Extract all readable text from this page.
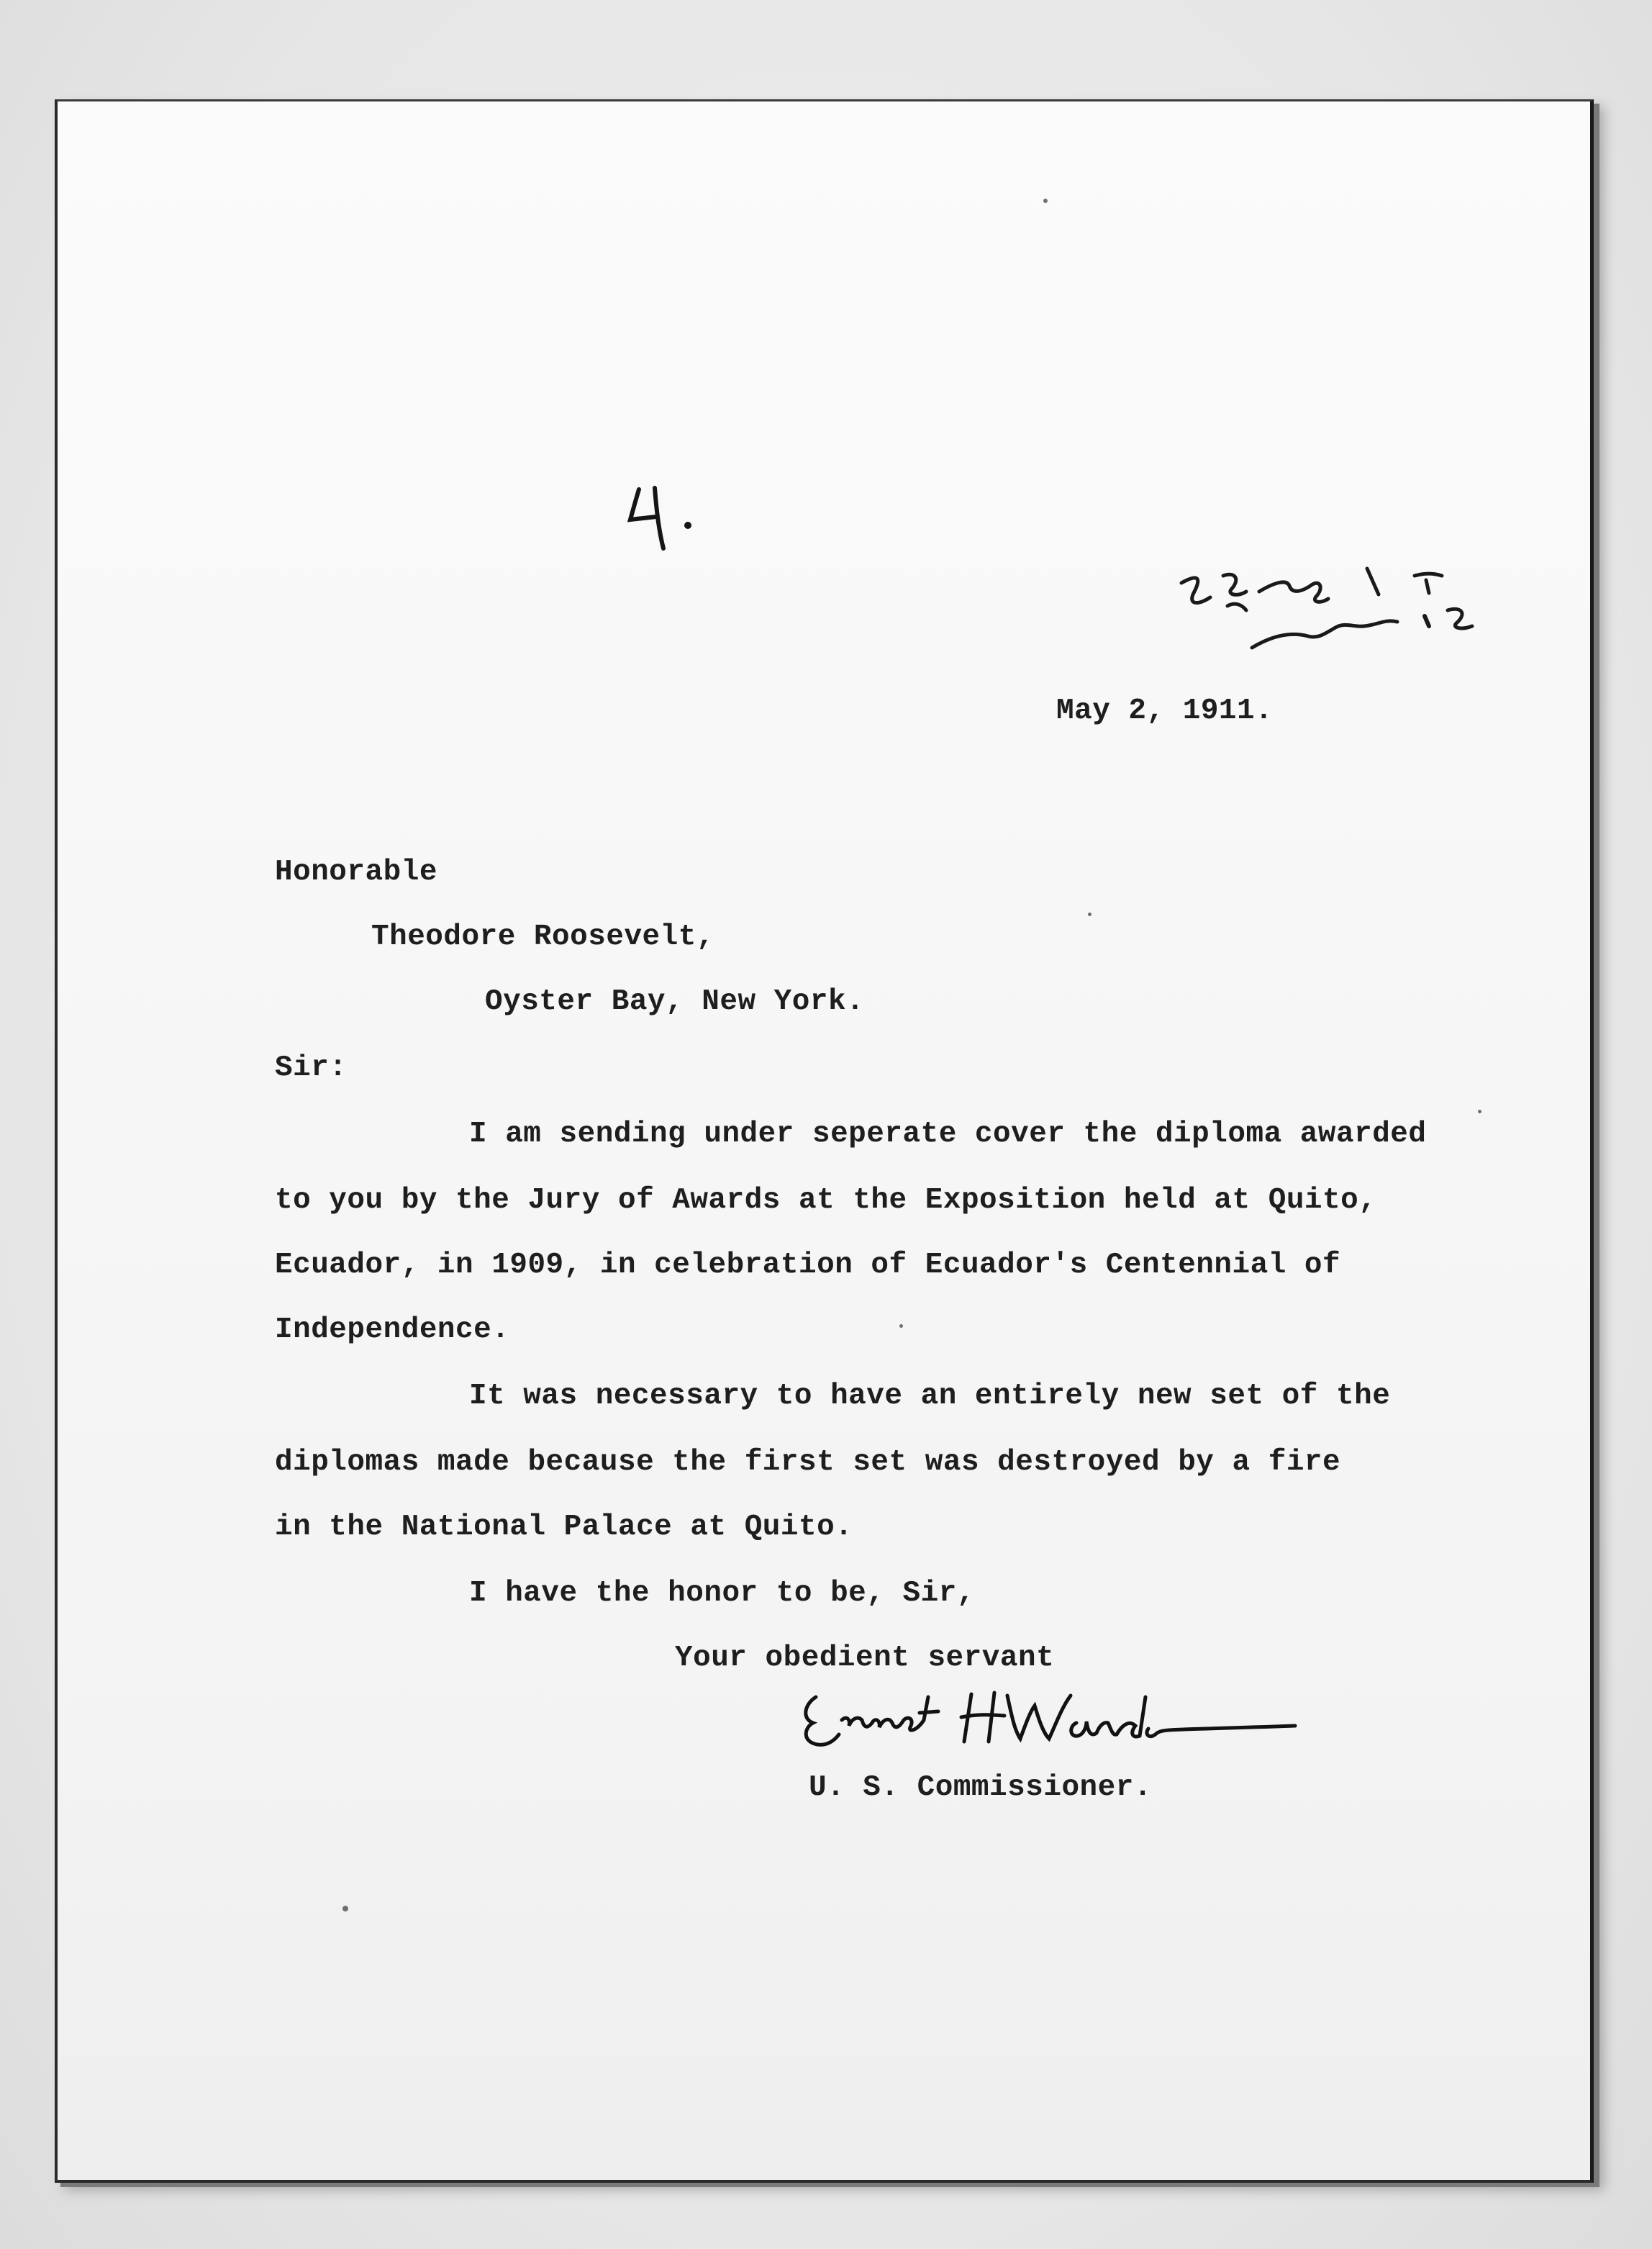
May 2, 1911.
Honorable
Theodore Roosevelt,
Oyster Bay, New York.
Sir:
I am sending under seperate cover the diploma awarded
to you by the Jury of Awards at the Exposition held at Quito,
Ecuador, in 1909, in celebration of Ecuador's Centennial of
Independence.
It was necessary to have an entirely new set of the
diplomas made because the first set was destroyed by a fire
in the National Palace at Quito.
I have the honor to be, Sir,
Your obedient servant
U. S. Commissioner.
